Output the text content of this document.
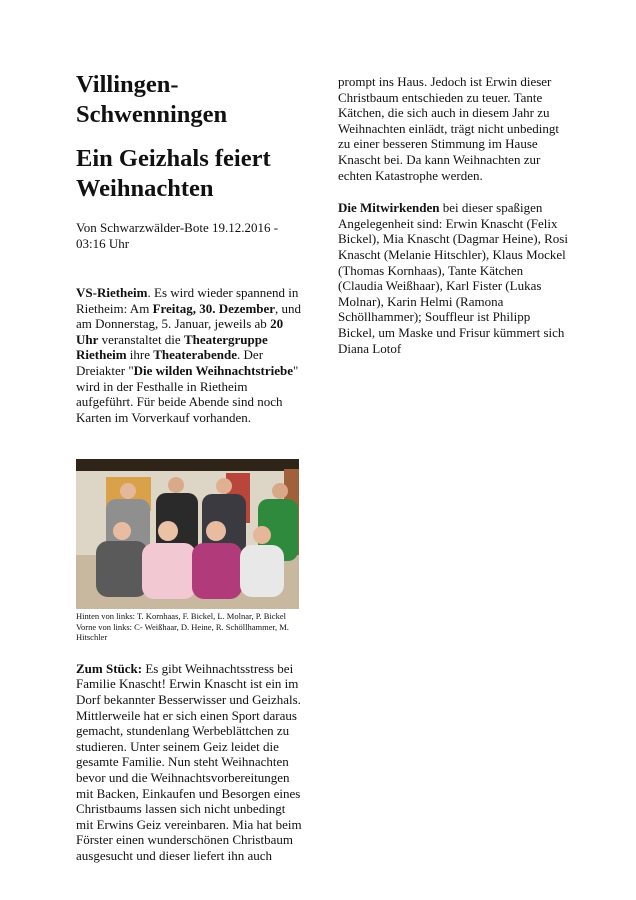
Villingen-Schwenningen
Ein Geizhals feiert Weihnachten
Von Schwarzwälder-Bote 19.12.2016 - 03:16 Uhr

VS-Rietheim. Es wird wieder spannend in Rietheim: Am Freitag, 30. Dezember, und am Donnerstag, 5. Januar, jeweils ab 20 Uhr veranstaltet die Theatergruppe Rietheim ihre Theaterabende. Der Dreiakter "Die wilden Weihnachtstriebe" wird in der Festhalle in Rietheim aufgeführt. Für beide Abende sind noch Karten im Vorverkauf vorhanden.

Hinten von links: T. Kornhaas, F. Bickel, L. Molnar, P. Bickel
Vorne von links: C- Weißhaar, D. Heine, R. Schöllhammer, M. Hitschler

Zum Stück: Es gibt Weihnachtsstress bei Familie Knascht! Erwin Knascht ist ein im Dorf bekannter Besserwisser und Geizhals. Mittlerweile hat er sich einen Sport daraus gemacht, stundenlang Werbeblättchen zu studieren. Unter seinem Geiz leidet die gesamte Familie. Nun steht Weihnachten bevor und die Weihnachtsvorbereitungen mit Backen, Einkaufen und Besorgen eines Christbaums lassen sich nicht unbedingt mit Erwins Geiz vereinbaren. Mia hat beim Förster einen wunderschönen Christbaum ausgesucht und dieser liefert ihn auch

prompt ins Haus. Jedoch ist Erwin dieser Christbaum entschieden zu teuer. Tante Kätchen, die sich auch in diesem Jahr zu Weihnachten einlädt, trägt nicht unbedingt zu einer besseren Stimmung im Hause Knascht bei. Da kann Weihnachten zur echten Katastrophe werden.

Die Mitwirkenden bei dieser spaßigen Angelegenheit sind: Erwin Knascht (Felix Bickel), Mia Knascht (Dagmar Heine), Rosi Knascht (Melanie Hitschler), Klaus Mockel (Thomas Kornhaas), Tante Kätchen (Claudia Weißhaar), Karl Fister (Lukas Molnar), Karin Helmi (Ramona Schöllhammer); Souffleur ist Philipp Bickel, um Maske und Frisur kümmert sich Diana Lotof
